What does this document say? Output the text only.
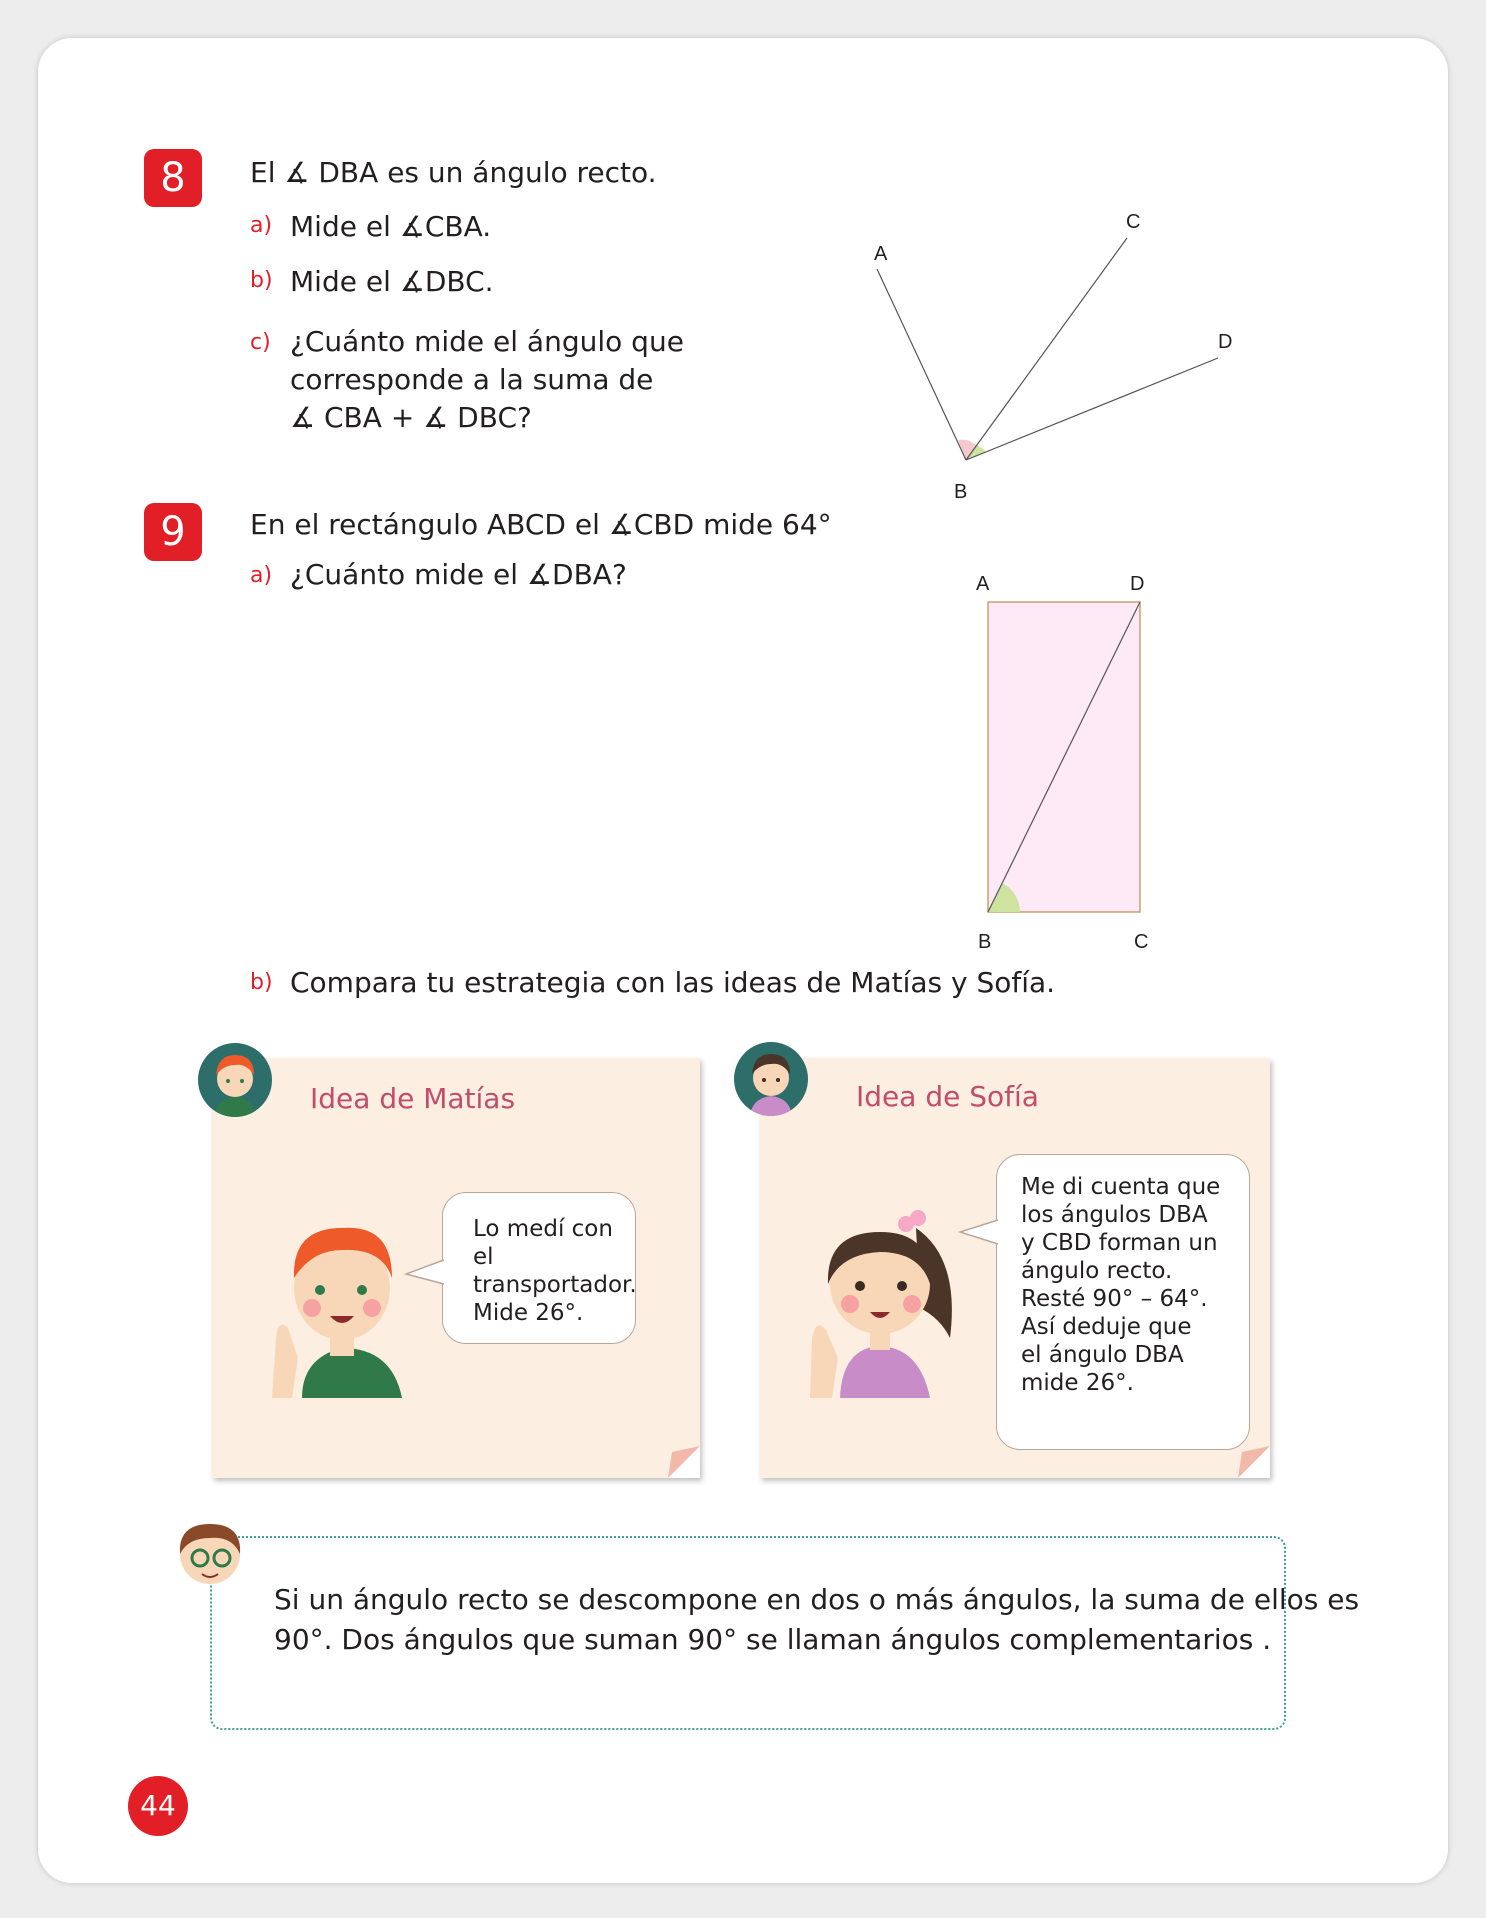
8	El ∡ DBA es un ángulo recto.
a) Mide el ∡CBA.
b) Mide el ∡DBC.
c) ¿Cuánto mide el ángulo que
corresponde a la suma de
∡ CBA + ∡ DBC?
A
B
C
D
9	En el rectángulo ABCD el ∡CBD mide 64°
a) ¿Cuánto mide el ∡DBA?	A	D
B	C
b) Compara tu estrategia con las ideas de Matías y Sofía.
Idea de Matías
Lo medí con el
transportador.
Mide 26°.
Idea de Sofía
Me di cuenta que
los ángulos DBA
y CBD forman un
ángulo recto.
Resté 90° – 64°.
Así deduje que
el ángulo DBA
mide 26°.
Si un ángulo recto se descompone en dos o más ángulos, la suma de ellos es
90°. Dos ángulos que suman 90° se llaman ángulos complementarios .
44
